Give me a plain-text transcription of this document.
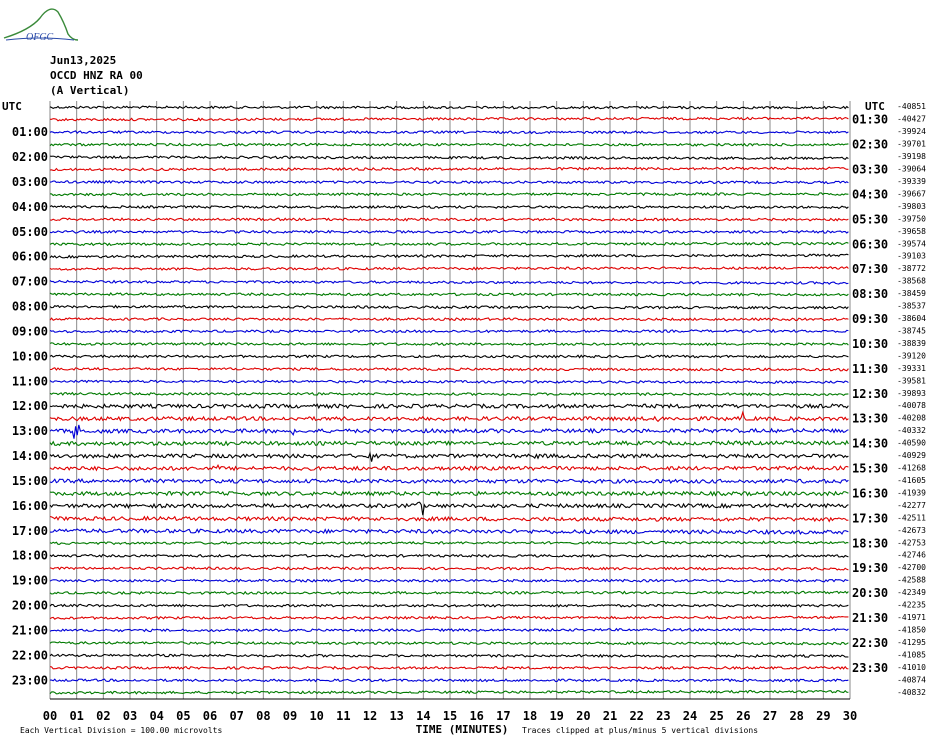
OFGC
Jun13,2025
OCCD HNZ RA 00
(A Vertical)
UTC	UTC -40851
-40427
-39924
-39701
-39198
-39064
-39339
-39667
-39803
-39750
-39658
-39574
-39103
-38772
-38568
-38459
-38537
-38604
-38745
-38839
-39120
-39331
-39581
-39893
-40078
-40208
-40332
-40590
-40929
-41268
-41605
-41939
-42277
-42511
-42673
-42753
-42746
-42700
-42588
-42349
-42235
-41971
-41850
-41295
-41085
-41010
-40874
-40832
01:00
02:00
03:00
04:00
05:00
06:00
07:00
08:00
09:00
10:00
11:00
12:00
13:00
14:00
15:00
16:00
17:00
18:00
19:00
20:00
21:00
22:00
23:00
01:30
02:30
03:30
04:30
05:30
06:30
07:30
08:30
09:30
10:30
11:30
12:30
13:30
14:30
15:30
16:30
17:30
18:30
19:30
20:30
21:30
22:30
23:30
00 01 02 03 04 05 06 07 08 09 10 11 12 13 14 15 16 17 18 19 20 21 22 23 24 25 26 27 28 29 30
TIME (MINUTES)
Each Vertical Division = 100.00 microvolts	Traces clipped at plus/minus 5 vertical divisions
